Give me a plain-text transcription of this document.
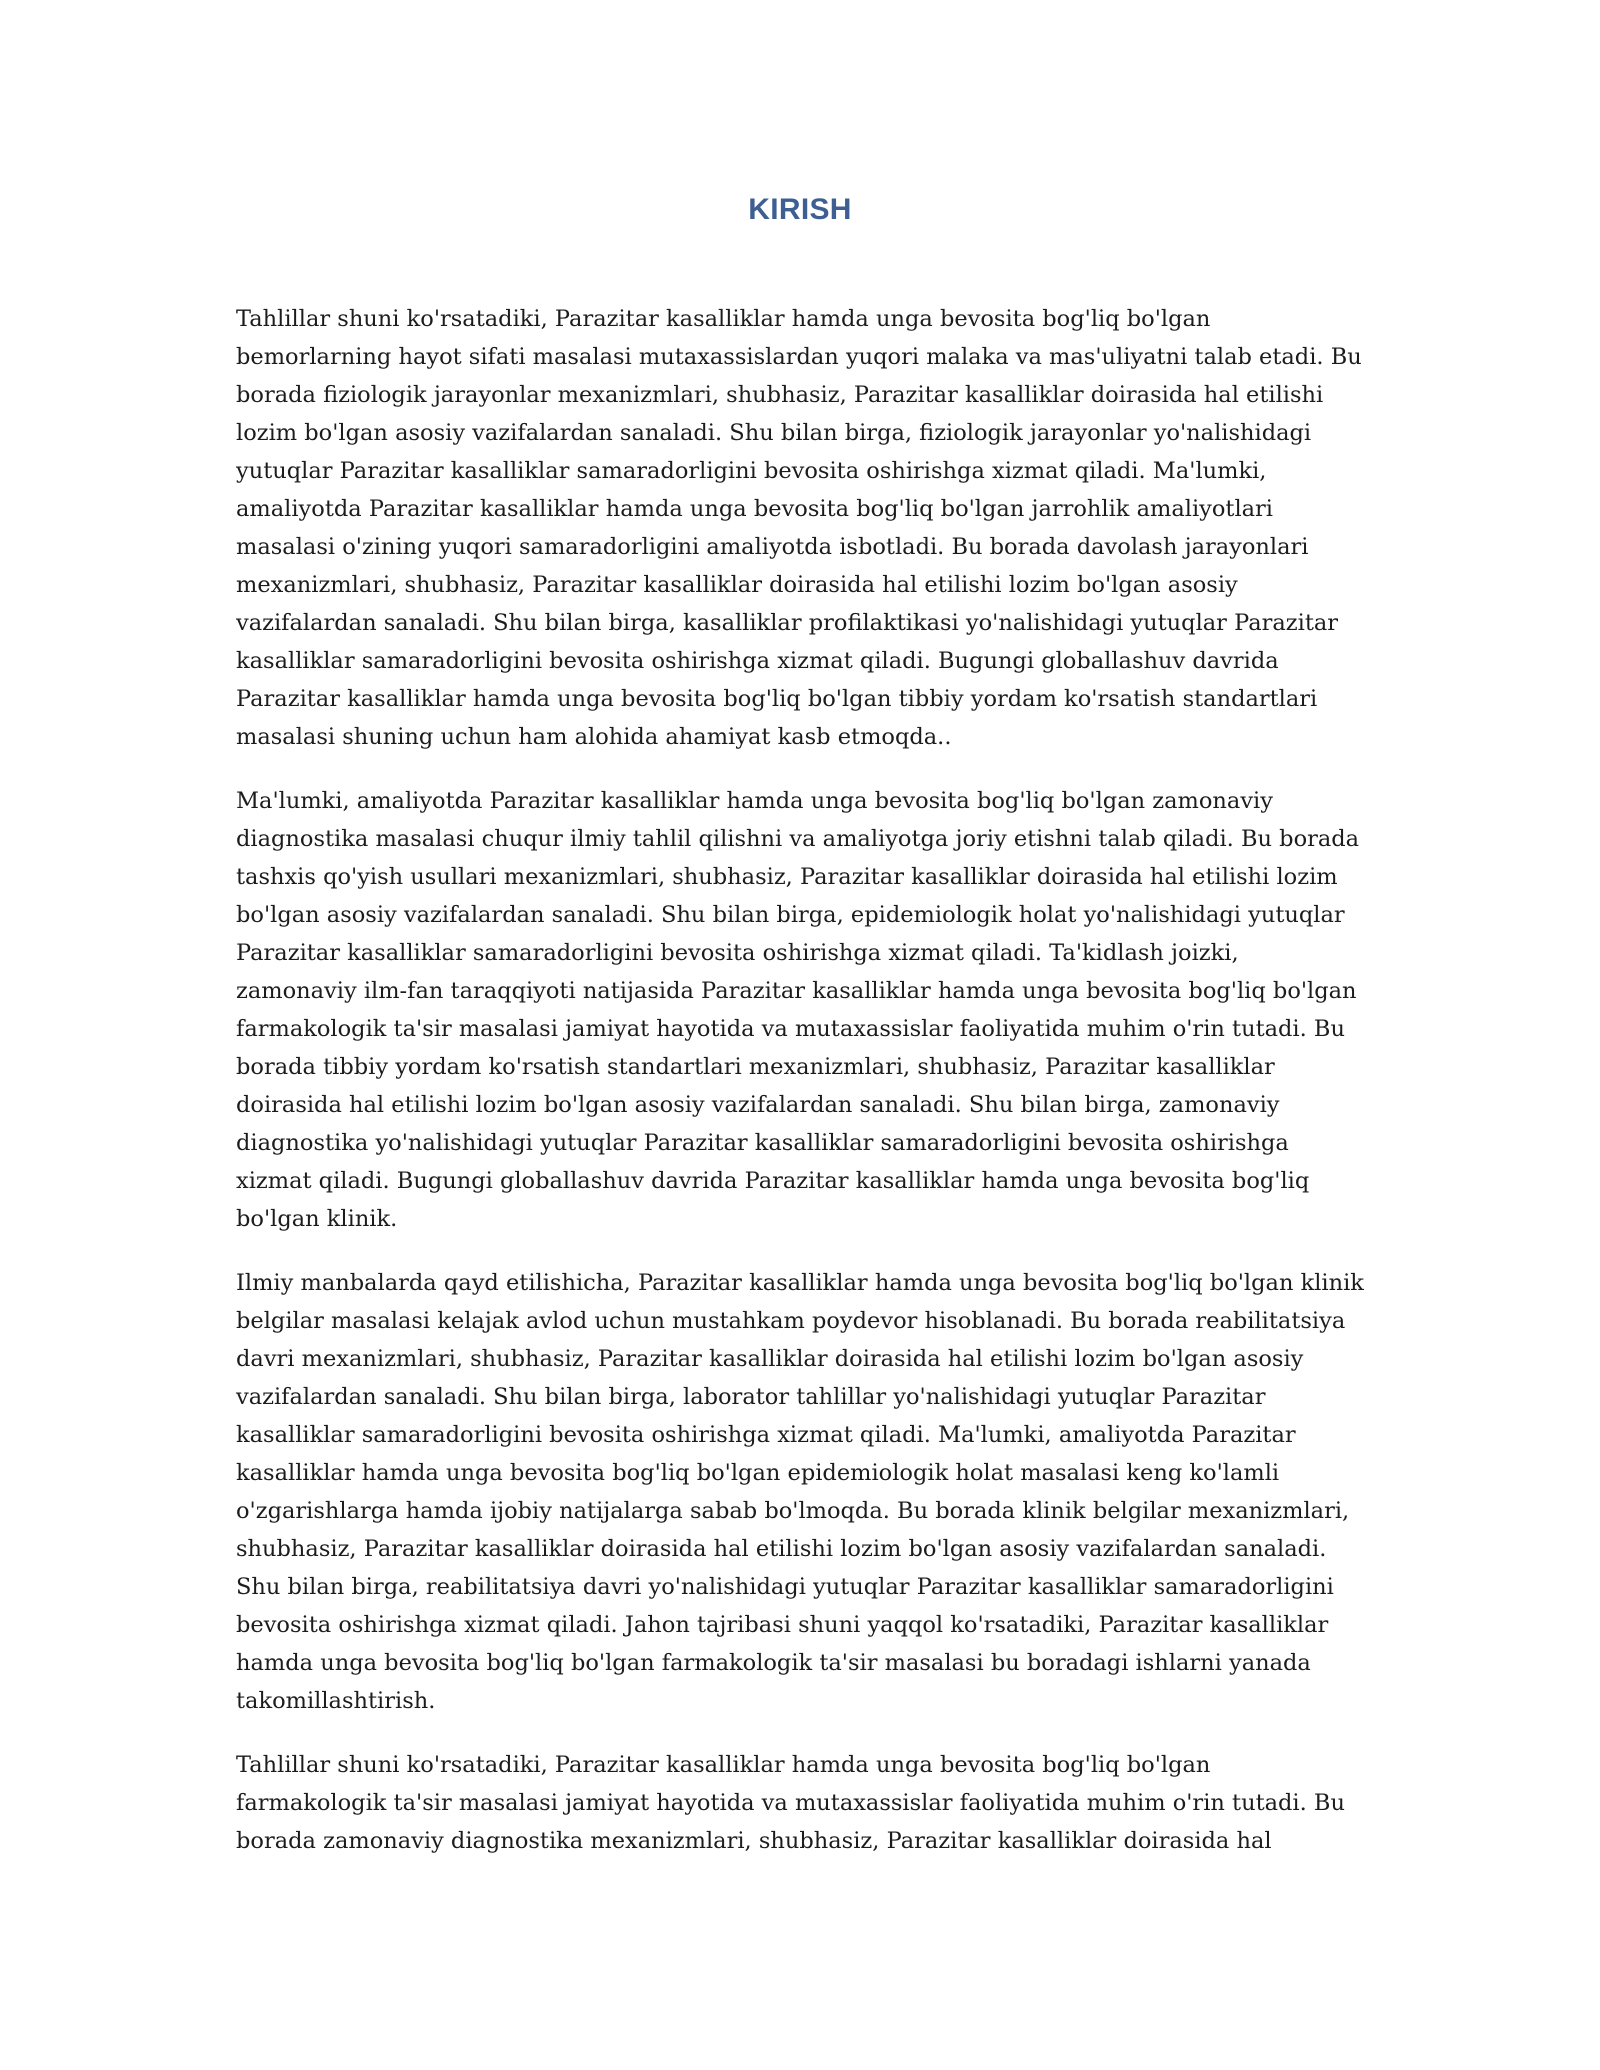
KIRISH

Tahlillar shuni ko'rsatadiki, Parazitar kasalliklar hamda unga bevosita bog'liq bo'lgan bemorlarning hayot sifati masalasi mutaxassislardan yuqori malaka va mas'uliyatni talab etadi. Bu borada fiziologik jarayonlar mexanizmlari, shubhasiz, Parazitar kasalliklar doirasida hal etilishi lozim bo'lgan asosiy vazifalardan sanaladi. Shu bilan birga, fiziologik jarayonlar yo'nalishidagi yutuqlar Parazitar kasalliklar samaradorligini bevosita oshirishga xizmat qiladi. Ma'lumki, amaliyotda Parazitar kasalliklar hamda unga bevosita bog'liq bo'lgan jarrohlik amaliyotlari masalasi o'zining yuqori samaradorligini amaliyotda isbotladi. Bu borada davolash jarayonlari mexanizmlari, shubhasiz, Parazitar kasalliklar doirasida hal etilishi lozim bo'lgan asosiy vazifalardan sanaladi. Shu bilan birga, kasalliklar profilaktikasi yo'nalishidagi yutuqlar Parazitar kasalliklar samaradorligini bevosita oshirishga xizmat qiladi. Bugungi globallashuv davrida Parazitar kasalliklar hamda unga bevosita bog'liq bo'lgan tibbiy yordam ko'rsatish standartlari masalasi shuning uchun ham alohida ahamiyat kasb etmoqda..

Ma'lumki, amaliyotda Parazitar kasalliklar hamda unga bevosita bog'liq bo'lgan zamonaviy diagnostika masalasi chuqur ilmiy tahlil qilishni va amaliyotga joriy etishni talab qiladi. Bu borada tashxis qo'yish usullari mexanizmlari, shubhasiz, Parazitar kasalliklar doirasida hal etilishi lozim bo'lgan asosiy vazifalardan sanaladi. Shu bilan birga, epidemiologik holat yo'nalishidagi yutuqlar Parazitar kasalliklar samaradorligini bevosita oshirishga xizmat qiladi. Ta'kidlash joizki, zamonaviy ilm-fan taraqqiyoti natijasida Parazitar kasalliklar hamda unga bevosita bog'liq bo'lgan farmakologik ta'sir masalasi jamiyat hayotida va mutaxassislar faoliyatida muhim o'rin tutadi. Bu borada tibbiy yordam ko'rsatish standartlari mexanizmlari, shubhasiz, Parazitar kasalliklar doirasida hal etilishi lozim bo'lgan asosiy vazifalardan sanaladi. Shu bilan birga, zamonaviy diagnostika yo'nalishidagi yutuqlar Parazitar kasalliklar samaradorligini bevosita oshirishga xizmat qiladi. Bugungi globallashuv davrida Parazitar kasalliklar hamda unga bevosita bog'liq bo'lgan klinik.

Ilmiy manbalarda qayd etilishicha, Parazitar kasalliklar hamda unga bevosita bog'liq bo'lgan klinik belgilar masalasi kelajak avlod uchun mustahkam poydevor hisoblanadi. Bu borada reabilitatsiya davri mexanizmlari, shubhasiz, Parazitar kasalliklar doirasida hal etilishi lozim bo'lgan asosiy vazifalardan sanaladi. Shu bilan birga, laborator tahlillar yo'nalishidagi yutuqlar Parazitar kasalliklar samaradorligini bevosita oshirishga xizmat qiladi. Ma'lumki, amaliyotda Parazitar kasalliklar hamda unga bevosita bog'liq bo'lgan epidemiologik holat masalasi keng ko'lamli o'zgarishlarga hamda ijobiy natijalarga sabab bo'lmoqda. Bu borada klinik belgilar mexanizmlari, shubhasiz, Parazitar kasalliklar doirasida hal etilishi lozim bo'lgan asosiy vazifalardan sanaladi. Shu bilan birga, reabilitatsiya davri yo'nalishidagi yutuqlar Parazitar kasalliklar samaradorligini bevosita oshirishga xizmat qiladi. Jahon tajribasi shuni yaqqol ko'rsatadiki, Parazitar kasalliklar hamda unga bevosita bog'liq bo'lgan farmakologik ta'sir masalasi bu boradagi ishlarni yanada takomillashtirish.

Tahlillar shuni ko'rsatadiki, Parazitar kasalliklar hamda unga bevosita bog'liq bo'lgan farmakologik ta'sir masalasi jamiyat hayotida va mutaxassislar faoliyatida muhim o'rin tutadi. Bu borada zamonaviy diagnostika mexanizmlari, shubhasiz, Parazitar kasalliklar doirasida hal
